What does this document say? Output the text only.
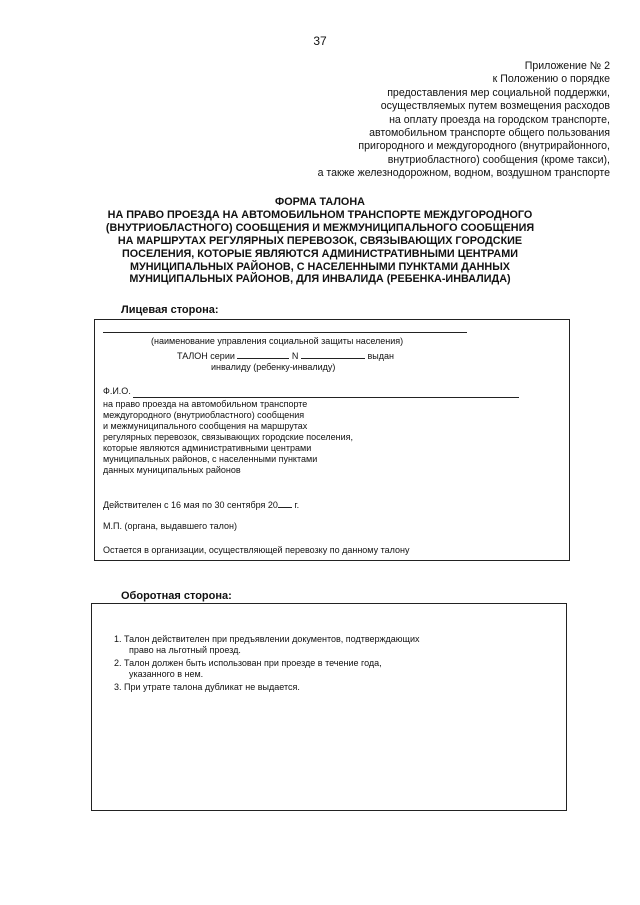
37
Приложение № 2
к Положению о порядке
предоставления мер социальной поддержки,
осуществляемых путем возмещения расходов
на оплату проезда на городском транспорте,
автомобильном транспорте общего пользования
пригородного и междугородного (внутрирайонного,
внутриобластного) сообщения (кроме такси),
а также железнодорожном, водном, воздушном транспорте
ФОРМА ТАЛОНА
НА ПРАВО ПРОЕЗДА НА АВТОМОБИЛЬНОМ ТРАНСПОРТЕ МЕЖДУГОРОДНОГО
(ВНУТРИОБЛАСТНОГО) СООБЩЕНИЯ И МЕЖМУНИЦИПАЛЬНОГО СООБЩЕНИЯ
НА МАРШРУТАХ РЕГУЛЯРНЫХ ПЕРЕВОЗОК, СВЯЗЫВАЮЩИХ ГОРОДСКИЕ
ПОСЕЛЕНИЯ, КОТОРЫЕ ЯВЛЯЮТСЯ АДМИНИСТРАТИВНЫМИ ЦЕНТРАМИ
МУНИЦИПАЛЬНЫХ РАЙОНОВ, С НАСЕЛЕННЫМИ ПУНКТАМИ ДАННЫХ
МУНИЦИПАЛЬНЫХ РАЙОНОВ, ДЛЯ ИНВАЛИДА (РЕБЕНКА-ИНВАЛИДА)
Лицевая сторона:
(наименование управления социальной защиты населения)
ТАЛОН серии	N	выдан
инвалиду (ребенку-инвалиду)
Ф.И.О.
на право проезда на автомобильном транспорте
междугородного (внутриобластного) сообщения
и межмуниципального сообщения на маршрутах
регулярных перевозок, связывающих городские поселения,
которые являются административными центрами
муниципальных районов, с населенными пунктами
данных муниципальных районов
Действителен с 16 мая по 30 сентября 20 г.
М.П. (органа, выдавшего талон)
Остается в организации, осуществляющей перевозку по данному талону
Оборотная сторона:
1. Талон действителен при предъявлении документов, подтверждающих
право на льготный проезд.
2. Талон должен быть использован при проезде в течение года,
указанного в нем.
3. При утрате талона дубликат не выдается.
